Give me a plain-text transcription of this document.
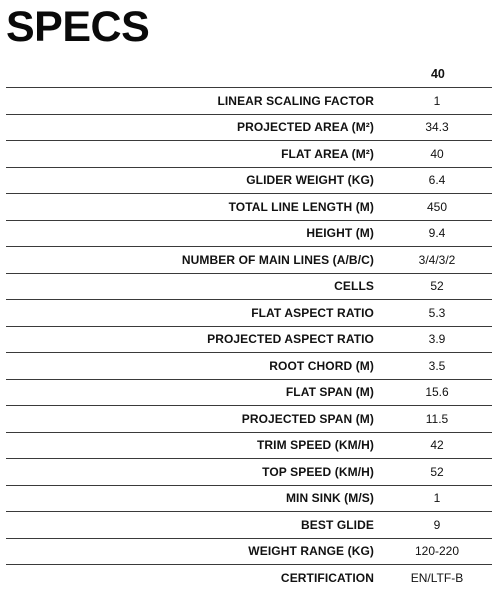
SPECS
40
LINEAR SCALING FACTOR	1
PROJECTED AREA (M²)	34.3
FLAT AREA (M²)	40
GLIDER WEIGHT (KG)	6.4
TOTAL LINE LENGTH (M)	450
HEIGHT (M)	9.4
NUMBER OF MAIN LINES (A/B/C)	3/4/3/2
CELLS	52
FLAT ASPECT RATIO	5.3
PROJECTED ASPECT RATIO	3.9
ROOT CHORD (M)	3.5
FLAT SPAN (M)	15.6
PROJECTED SPAN (M)	11.5
TRIM SPEED (KM/H)	42
TOP SPEED (KM/H)	52
MIN SINK (M/S)	1
BEST GLIDE	9
WEIGHT RANGE (KG)	120-220
CERTIFICATION	EN/LTF-B
